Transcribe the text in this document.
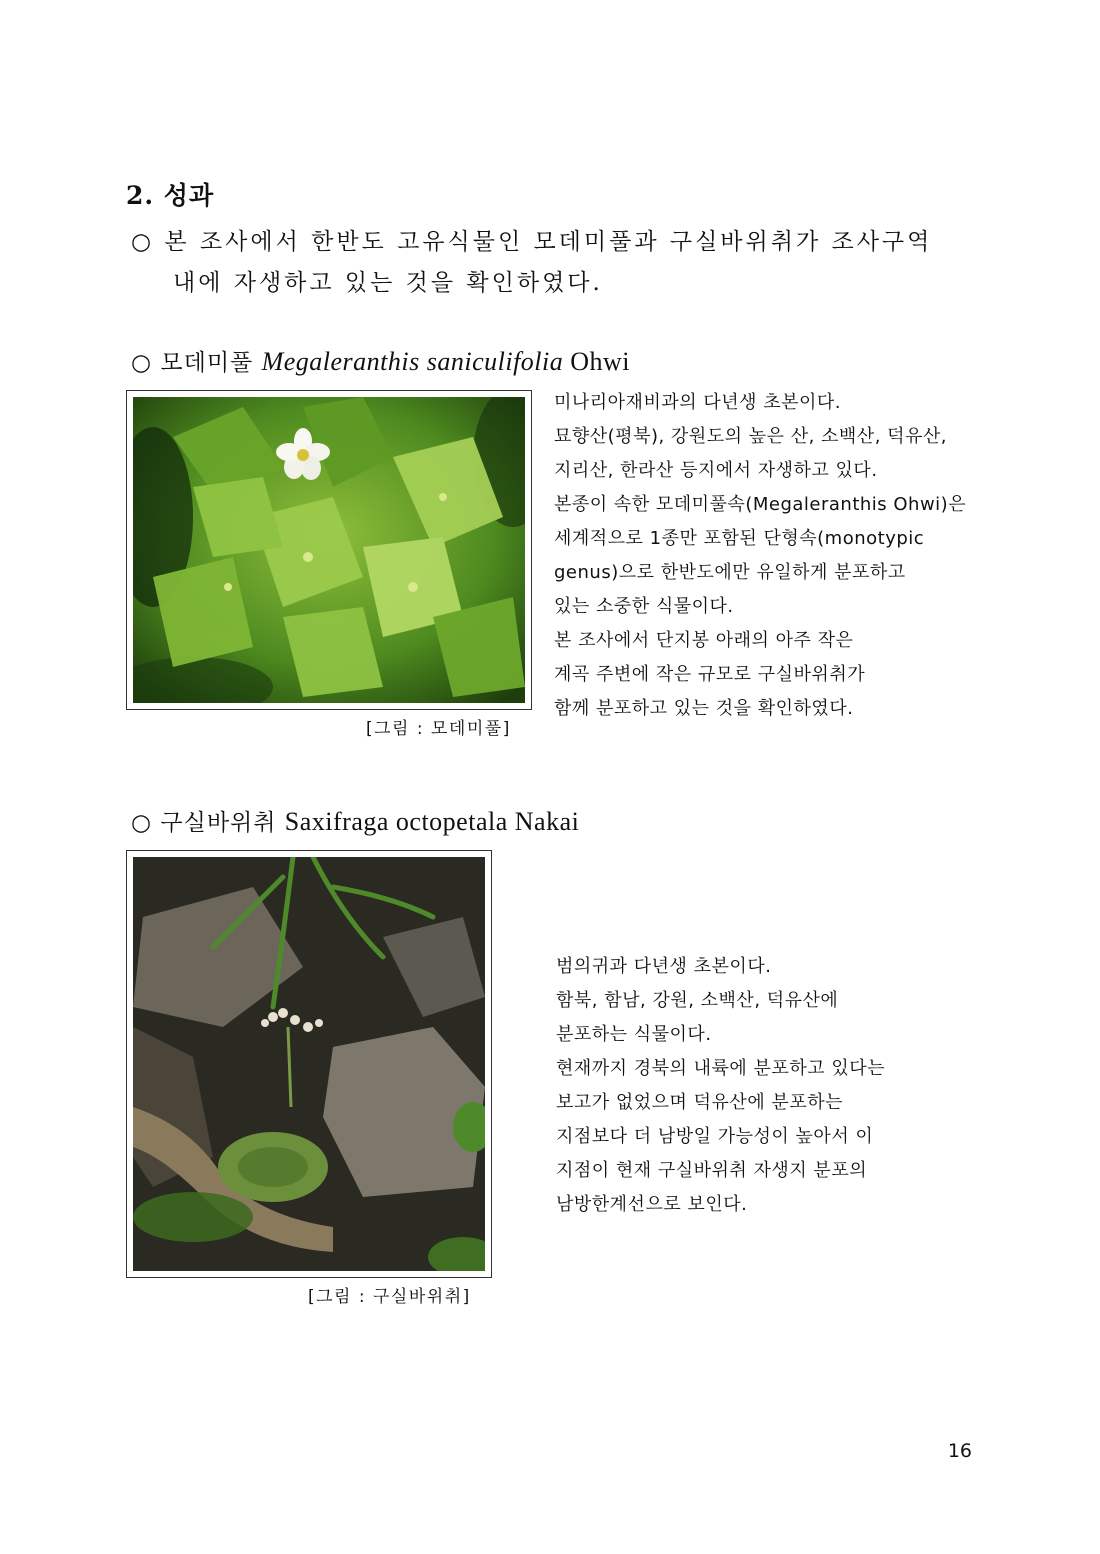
2. 성과
○ 본 조사에서 한반도 고유식물인 모데미풀과 구실바위취가 조사구역
내에 자생하고 있는 것을 확인하였다.
○ 모데미풀 Megaleranthis saniculifolia Ohwi
[그림 : 모데미풀]
미나리아재비과의 다년생 초본이다.
묘향산(평북), 강원도의 높은 산, 소백산, 덕유산,
지리산, 한라산 등지에서 자생하고 있다.
본종이 속한 모데미풀속(Megaleranthis Ohwi)은
세계적으로 1종만 포함된 단형속(monotypic
genus)으로 한반도에만 유일하게 분포하고
있는 소중한 식물이다.
본 조사에서 단지봉 아래의 아주 작은
계곡 주변에 작은 규모로 구실바위취가
함께 분포하고 있는 것을 확인하였다.
○ 구실바위취 Saxifraga octopetala Nakai
[그림 : 구실바위취]
범의귀과 다년생 초본이다.
함북, 함남, 강원, 소백산, 덕유산에
분포하는 식물이다.
현재까지 경북의 내륙에 분포하고 있다는
보고가 없었으며 덕유산에 분포하는
지점보다 더 남방일 가능성이 높아서 이
지점이 현재 구실바위취 자생지 분포의
남방한계선으로 보인다.
16
